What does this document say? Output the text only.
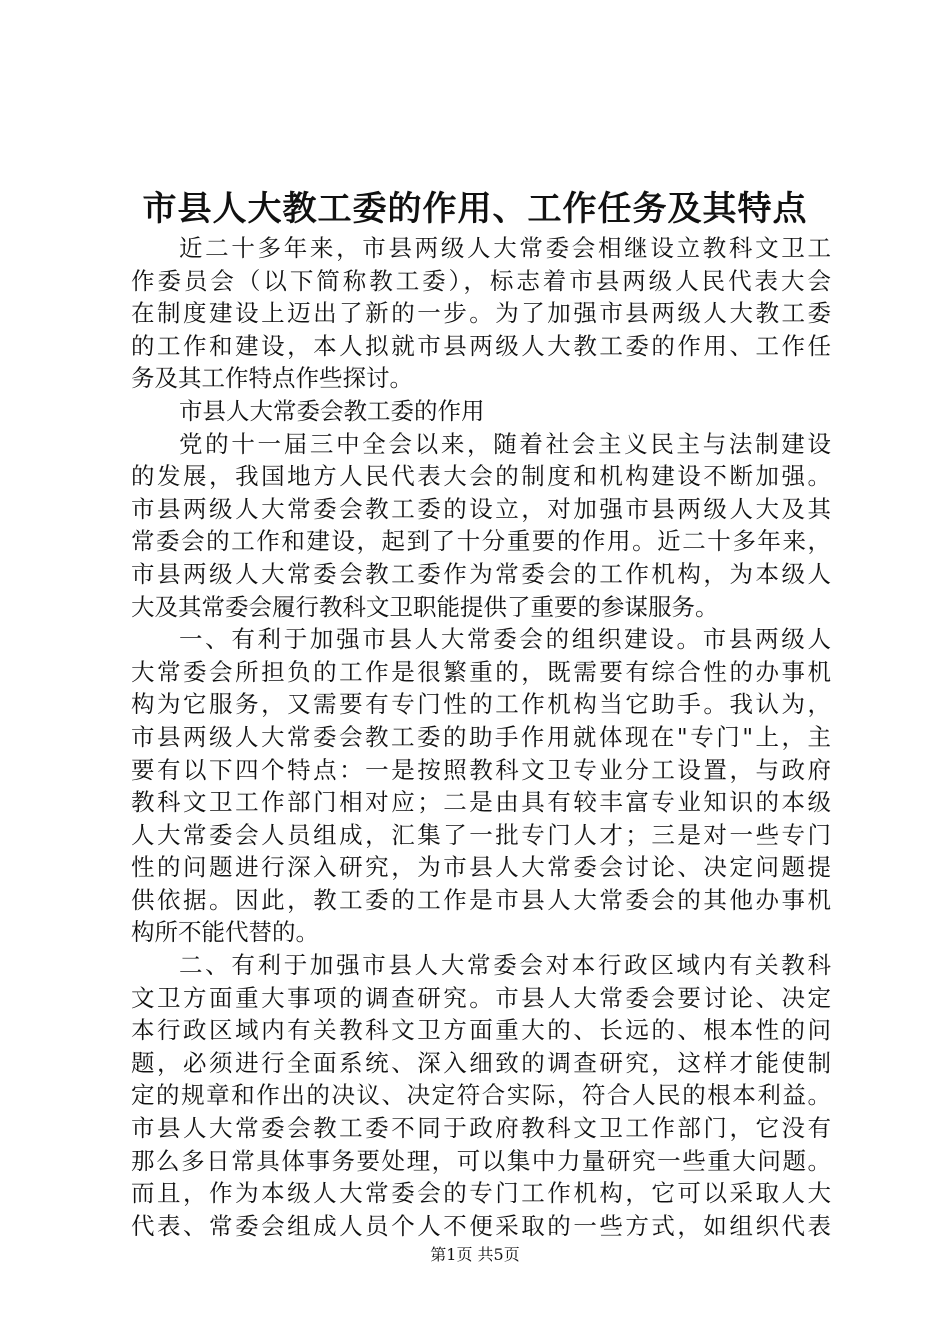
市县人大教工委的作用、工作任务及其特点
近二十多年来，市县两级人大常委会相继设立教科文卫工
作委员会（以下简称教工委），标志着市县两级人民代表大会
在制度建设上迈出了新的一步。为了加强市县两级人大教工委
的工作和建设，本人拟就市县两级人大教工委的作用、工作任
务及其工作特点作些探讨。
市县人大常委会教工委的作用
党的十一届三中全会以来，随着社会主义民主与法制建设
的发展，我国地方人民代表大会的制度和机构建设不断加强。
市县两级人大常委会教工委的设立，对加强市县两级人大及其
常委会的工作和建设，起到了十分重要的作用。近二十多年来，
市县两级人大常委会教工委作为常委会的工作机构，为本级人
大及其常委会履行教科文卫职能提供了重要的参谋服务。
一、有利于加强市县人大常委会的组织建设。市县两级人
大常委会所担负的工作是很繁重的，既需要有综合性的办事机
构为它服务，又需要有专门性的工作机构当它助手。我认为，
市县两级人大常委会教工委的助手作用就体现在"专门"上，主
要有以下四个特点：一是按照教科文卫专业分工设置，与政府
教科文卫工作部门相对应；二是由具有较丰富专业知识的本级
人大常委会人员组成，汇集了一批专门人才；三是对一些专门
性的问题进行深入研究，为市县人大常委会讨论、决定问题提
供依据。因此，教工委的工作是市县人大常委会的其他办事机
构所不能代替的。
二、有利于加强市县人大常委会对本行政区域内有关教科
文卫方面重大事项的调查研究。市县人大常委会要讨论、决定
本行政区域内有关教科文卫方面重大的、长远的、根本性的问
题，必须进行全面系统、深入细致的调查研究，这样才能使制
定的规章和作出的决议、决定符合实际，符合人民的根本利益。
市县人大常委会教工委不同于政府教科文卫工作部门，它没有
那么多日常具体事务要处理，可以集中力量研究一些重大问题。
而且，作为本级人大常委会的专门工作机构，它可以采取人大
代表、常委会组成人员个人不便采取的一些方式，如组织代表
第1页 共5页
